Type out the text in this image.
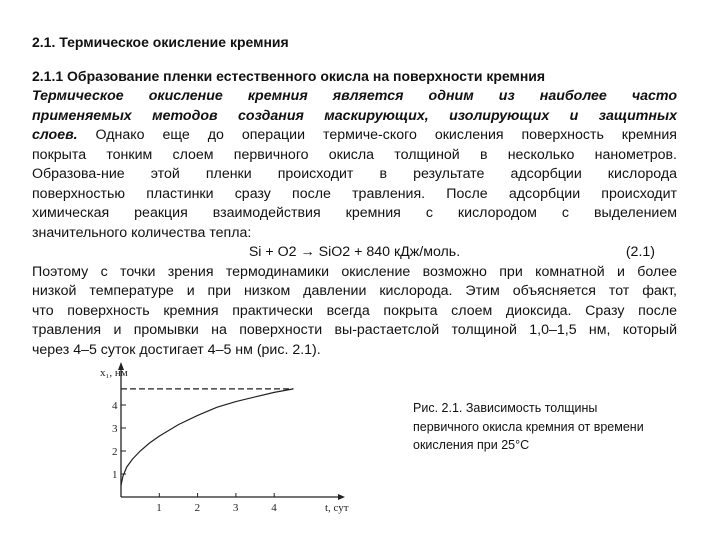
2.1. Термическое окисление кремния
2.1.1 Образование пленки естественного окисла на поверхности кремния
Термическое окисление кремния является одним из наиболее часто
применяемых методов создания маскирующих, изолирующих и защитных
слоев. Однако еще до операции термиче-ского окисления поверхность кремния
покрыта тонким слоем первичного окисла толщиной в несколько нанометров.
Образова-ние этой пленки происходит в результате адсорбции кислорода
поверхностью пластинки сразу после травления. После адсорбции происходит
химическая реакция взаимодействия кремния с кислородом с выделением
значительного количества тепла:
Si + O2 → SiO2 + 840 кДж/моль.	(2.1)
Поэтому с точки зрения термодинамики окисление возможно при комнатной и более
низкой температуре и при низком давлении кислорода. Этим объясняется тот факт,
что поверхность кремния практически всегда покрыта слоем диоксида. Сразу после
травления и промывки на поверхности вы-растаетслой толщиной 1,0–1,5 нм, который
через 4–5 суток достигает 4–5 нм (рис. 2.1).
1	2	3	4
1
2
3
4
x₁, нм
t, сут
Рис. 2.1. Зависимость толщины
первичного окисла кремния от времени
окисления при 25°С
